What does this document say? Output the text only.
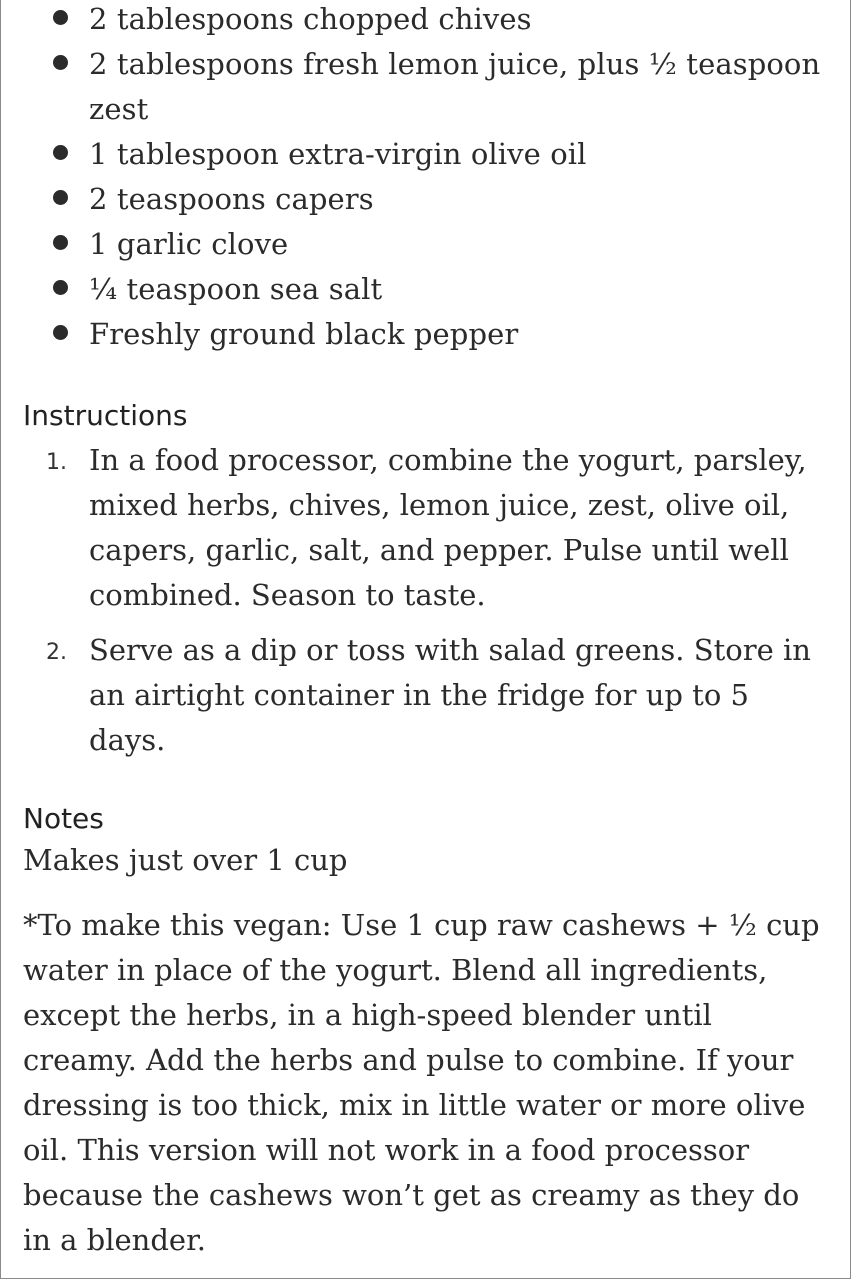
2 tablespoons chopped chives
2 tablespoons fresh lemon juice, plus ½ teaspoon zest
1 tablespoon extra-virgin olive oil
2 teaspoons capers
1 garlic clove
¼ teaspoon sea salt
Freshly ground black pepper
Instructions
1. In a food processor, combine the yogurt, parsley, mixed herbs, chives, lemon juice, zest, olive oil, capers, garlic, salt, and pepper. Pulse until well combined. Season to taste.
2. Serve as a dip or toss with salad greens. Store in an airtight container in the fridge for up to 5 days.
Notes

Makes just over 1 cup

*To make this vegan: Use 1 cup raw cashews + ½ cup water in place of the yogurt. Blend all ingredients, except the herbs, in a high-speed blender until creamy. Add the herbs and pulse to combine. If your dressing is too thick, mix in little water or more olive oil. This version will not work in a food processor because the cashews won’t get as creamy as they do in a blender.
